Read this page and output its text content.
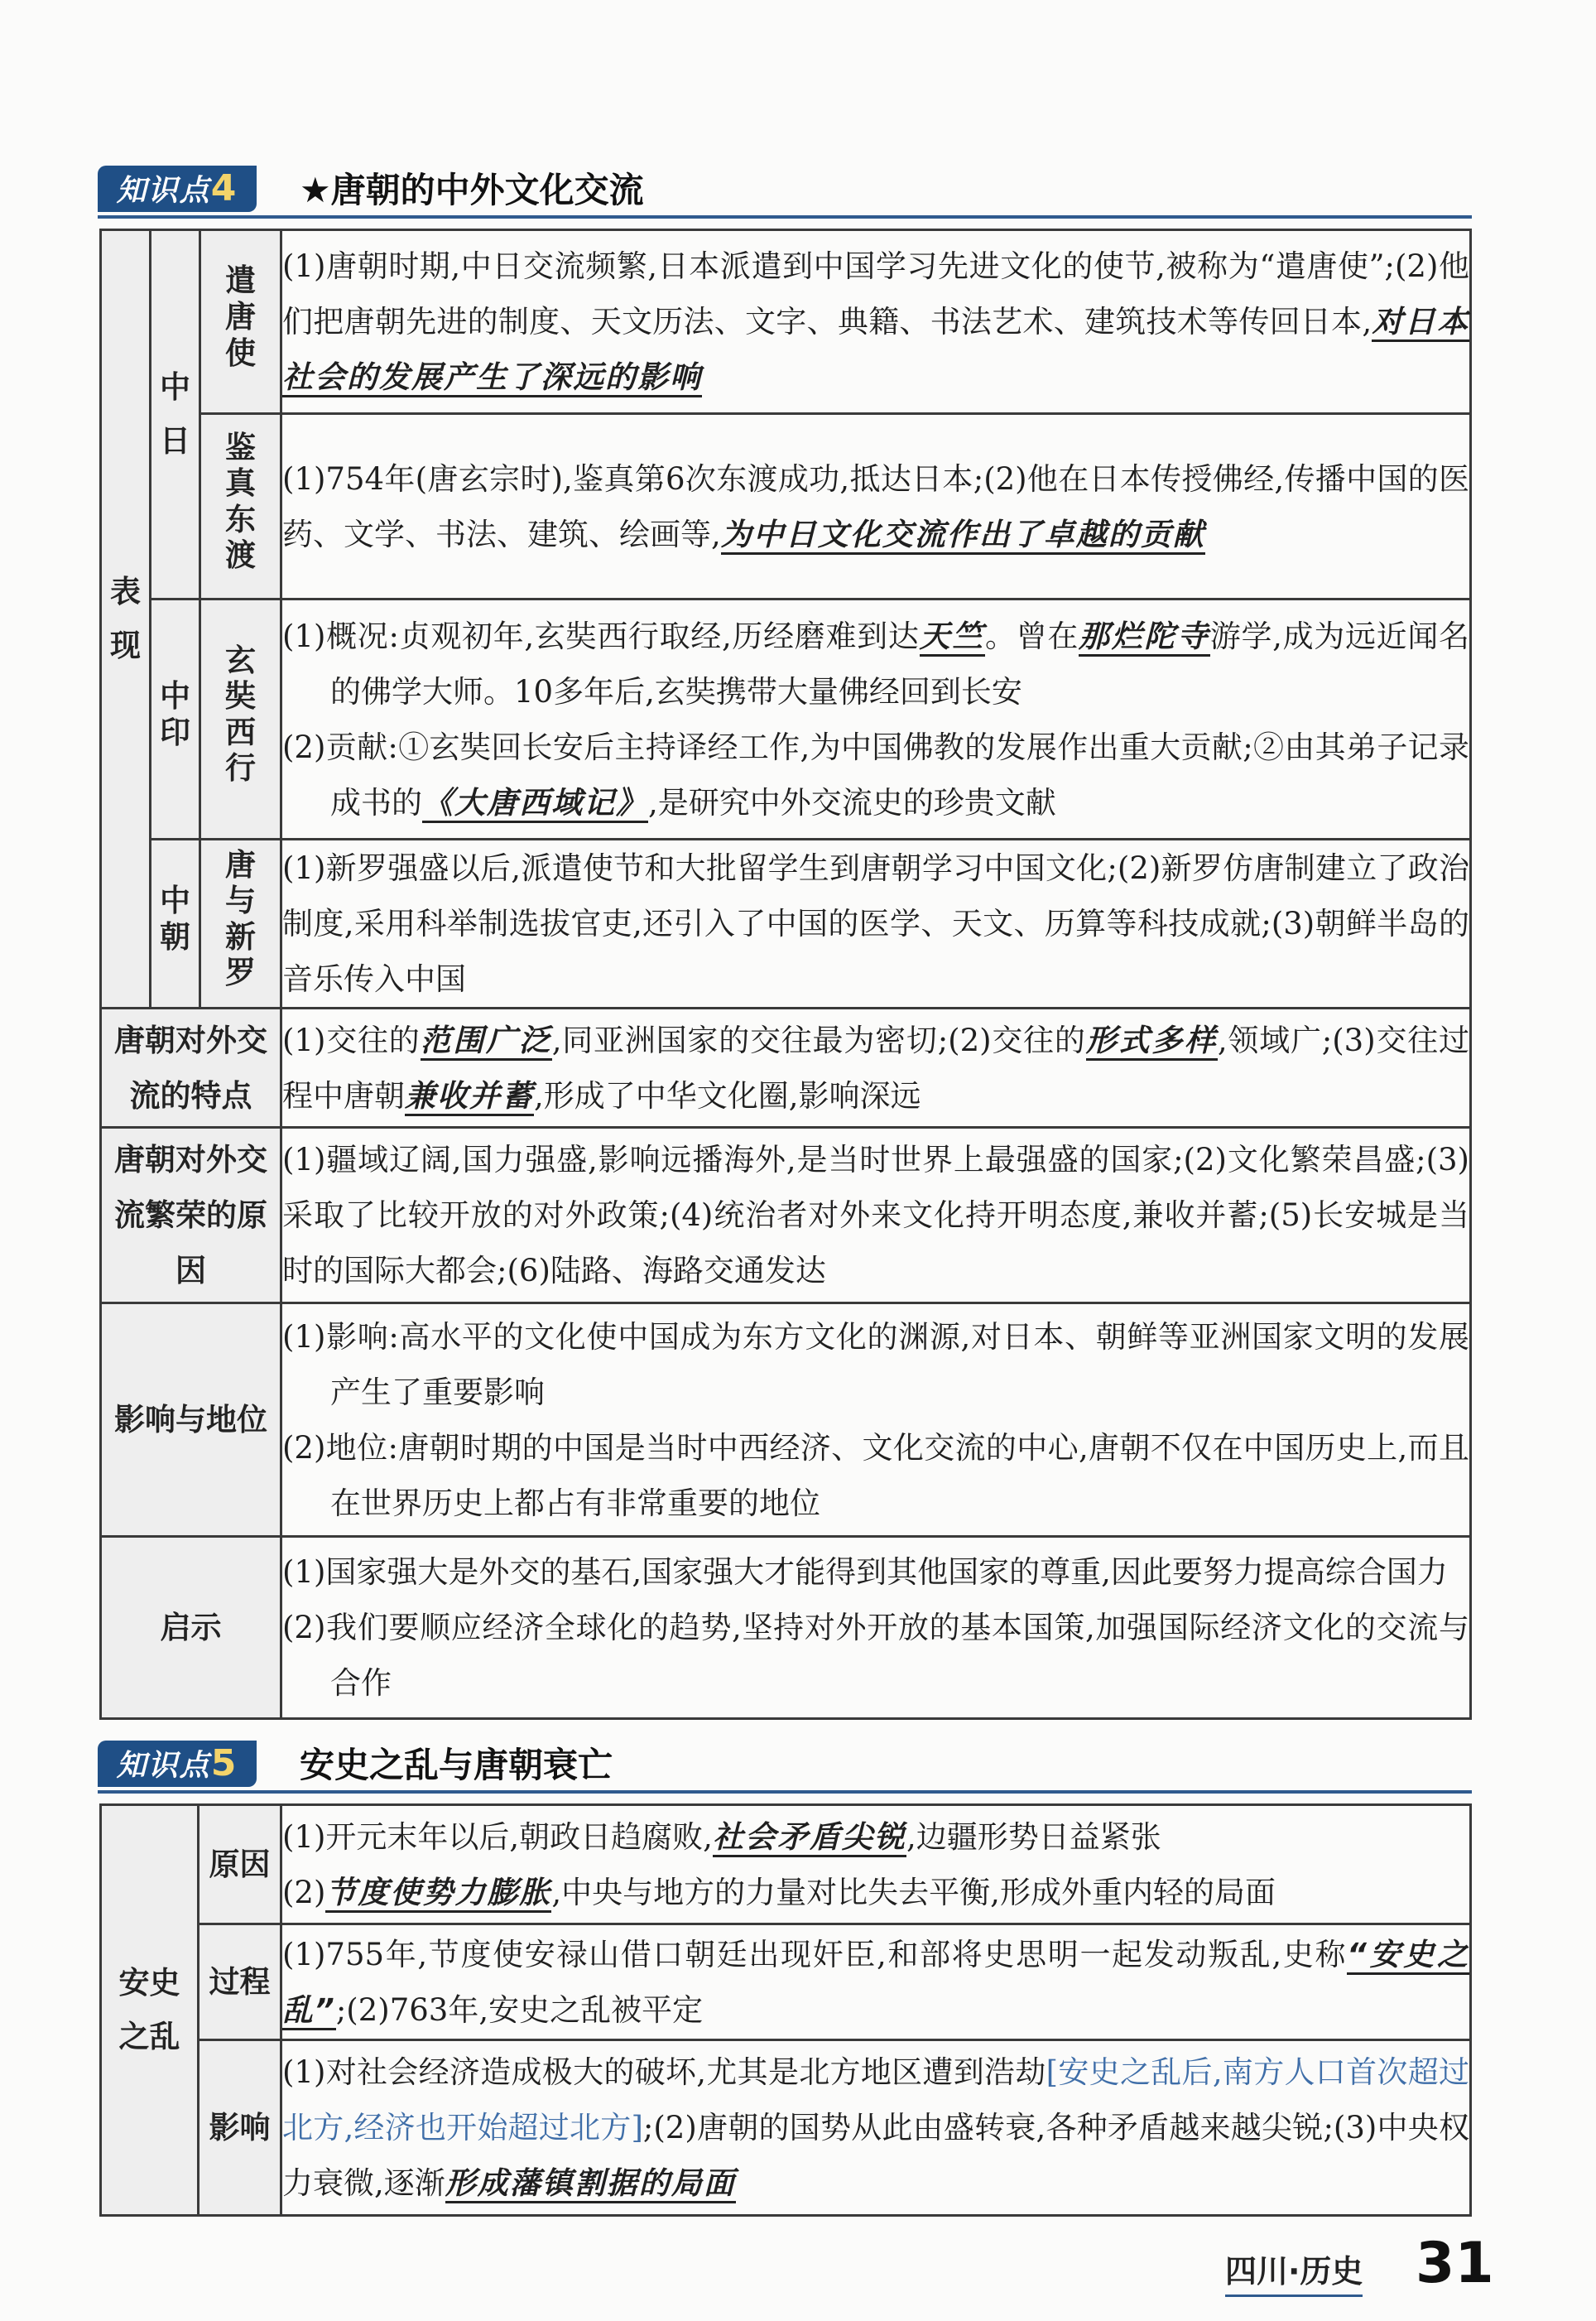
知识点4	★唐朝的中外文化交流
表现	中日	遣唐使	(1)唐朝时期,中日交流频繁,日本派遣到中国学习先进文化的使节,被称为“遣唐使”;(2)他们把唐朝先进的制度、天文历法、文字、典籍、书法艺术、建筑技术等传回日本,对日本社会的发展产生了深远的影响
		鉴真东渡	(1)754年(唐玄宗时),鉴真第6次东渡成功,抵达日本;(2)他在日本传授佛经,传播中国的医药、文学、书法、建筑、绘画等,为中日文化交流作出了卓越的贡献
	中印	玄奘西行	(1)概况:贞观初年,玄奘西行取经,历经磨难到达天竺。曾在那烂陀寺游学,成为远近闻名的佛学大师。10多年后,玄奘携带大量佛经回到长安
(2)贡献:①玄奘回长安后主持译经工作,为中国佛教的发展作出重大贡献;②由其弟子记录成书的《大唐西域记》,是研究中外交流史的珍贵文献

	中朝	唐与新罗	(1)新罗强盛以后,派遣使节和大批留学生到唐朝学习中国文化;(2)新罗仿唐制建立了政治制度,采用科举制选拔官吏,还引入了中国的医学、天文、历算等科技成就;(3)朝鲜半岛的音乐传入中国
唐朝对外交流的特点			(1)交往的范围广泛,同亚洲国家的交往最为密切;(2)交往的形式多样,领域广;(3)交往过程中唐朝兼收并蓄,形成了中华文化圈,影响深远
唐朝对外交流繁荣的原因			(1)疆域辽阔,国力强盛,影响远播海外,是当时世界上最强盛的国家;(2)文化繁荣昌盛;(3)采取了比较开放的对外政策;(4)统治者对外来文化持开明态度,兼收并蓄;(5)长安城是当时的国际大都会;(6)陆路、海路交通发达
影响与地位			(1)影响:高水平的文化使中国成为东方文化的渊源,对日本、朝鲜等亚洲国家文明的发展产生了重要影响
(2)地位:唐朝时期的中国是当时中西经济、文化交流的中心,唐朝不仅在中国历史上,而且在世界历史上都占有非常重要的地位

启示			(1)国家强大是外交的基石,国家强大才能得到其他国家的尊重,因此要努力提高综合国力
(2)我们要顺应经济全球化的趋势,坚持对外开放的基本国策,加强国际经济文化的交流与合作
知识点5	安史之乱与唐朝衰亡
安史之乱	原因	(1)开元末年以后,朝政日趋腐败,社会矛盾尖锐,边疆形势日益紧张
(2)节度使势力膨胀,中央与地方的力量对比失去平衡,形成外重内轻的局面

	过程	(1)755年,节度使安禄山借口朝廷出现奸臣,和部将史思明一起发动叛乱,史称“安史之乱”;(2)763年,安史之乱被平定
	影响	(1)对社会经济造成极大的破坏,尤其是北方地区遭到浩劫[安史之乱后,南方人口首次超过北方,经济也开始超过北方];(2)唐朝的国势从此由盛转衰,各种矛盾越来越尖锐;(3)中央权力衰微,逐渐形成藩镇割据的局面
四川·历史 31
